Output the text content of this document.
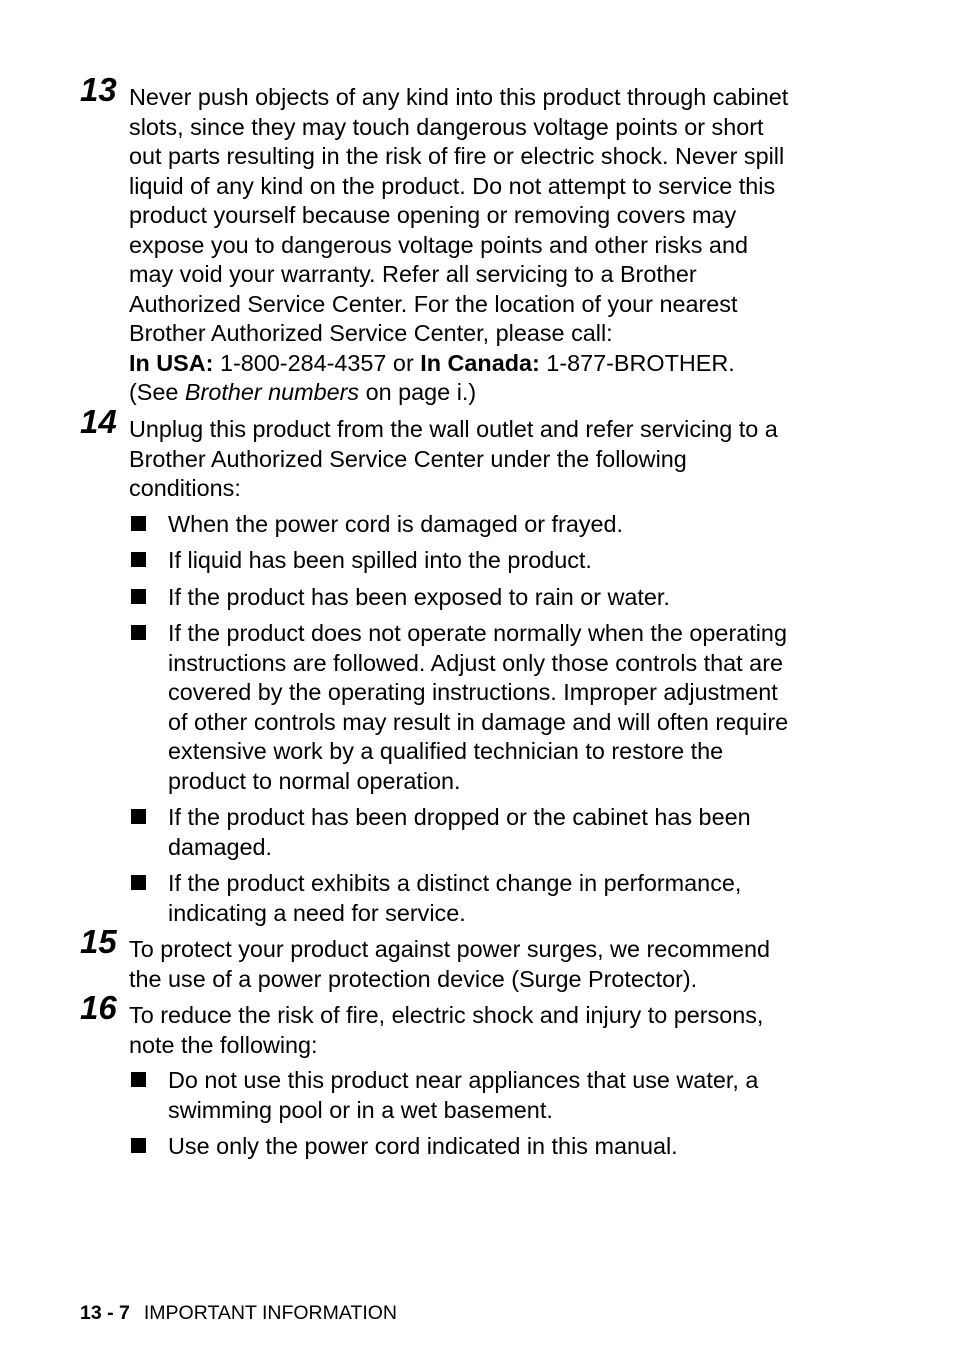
13 Never push objects of any kind into this product through cabinet
slots, since they may touch dangerous voltage points or short
out parts resulting in the risk of fire or electric shock. Never spill
liquid of any kind on the product. Do not attempt to service this
product yourself because opening or removing covers may
expose you to dangerous voltage points and other risks and
may void your warranty. Refer all servicing to a Brother
Authorized Service Center. For the location of your nearest
Brother Authorized Service Center, please call:
In USA: 1-800-284-4357 or In Canada: 1-877-BROTHER.
(See Brother numbers on page i.)
14 Unplug this product from the wall outlet and refer servicing to a
Brother Authorized Service Center under the following
conditions:
When the power cord is damaged or frayed.
If liquid has been spilled into the product.
If the product has been exposed to rain or water.
If the product does not operate normally when the operating
instructions are followed. Adjust only those controls that are
covered by the operating instructions. Improper adjustment
of other controls may result in damage and will often require
extensive work by a qualified technician to restore the
product to normal operation.
If the product has been dropped or the cabinet has been
damaged.
If the product exhibits a distinct change in performance,
indicating a need for service.
15 To protect your product against power surges, we recommend
the use of a power protection device (Surge Protector).
16 To reduce the risk of fire, electric shock and injury to persons,
note the following:
Do not use this product near appliances that use water, a
swimming pool or in a wet basement.
Use only the power cord indicated in this manual.
13 - 7 IMPORTANT INFORMATION
